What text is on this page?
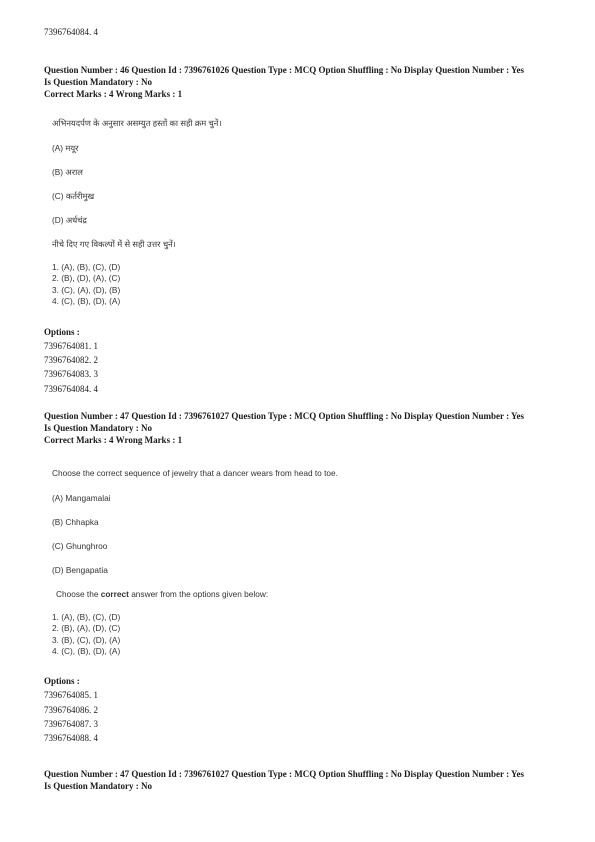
7396764084. 4
Question Number : 46 Question Id : 7396761026 Question Type : MCQ Option Shuffling : No Display Question Number : Yes
Is Question Mandatory : No
Correct Marks : 4 Wrong Marks : 1
अभिनयदर्पण के अनुसार असम्युत हस्तों का सही क्रम चुनें।
(A) मयूर
(B) अराल
(C) कर्तरीमुख
(D) अर्धचंद्र
नीचे दिए गए विकल्पों में से सही उत्तर चुनें।
1. (A), (B), (C), (D)
2. (B), (D), (A), (C)
3. (C), (A), (D), (B)
4. (C), (B), (D), (A)
Options :
7396764081. 1
7396764082. 2
7396764083. 3
7396764084. 4
Question Number : 47 Question Id : 7396761027 Question Type : MCQ Option Shuffling : No Display Question Number : Yes
Is Question Mandatory : No
Correct Marks : 4 Wrong Marks : 1
Choose the correct sequence of jewelry that a dancer wears from head to toe.
(A) Mangamalai
(B) Chhapka
(C) Ghunghroo
(D) Bengapatia
Choose the correct answer from the options given below:
1. (A), (B), (C), (D)
2. (B), (A), (D), (C)
3. (B), (C), (D), (A)
4. (C), (B), (D), (A)
Options :
7396764085. 1
7396764086. 2
7396764087. 3
7396764088. 4
Question Number : 47 Question Id : 7396761027 Question Type : MCQ Option Shuffling : No Display Question Number : Yes
Is Question Mandatory : No
